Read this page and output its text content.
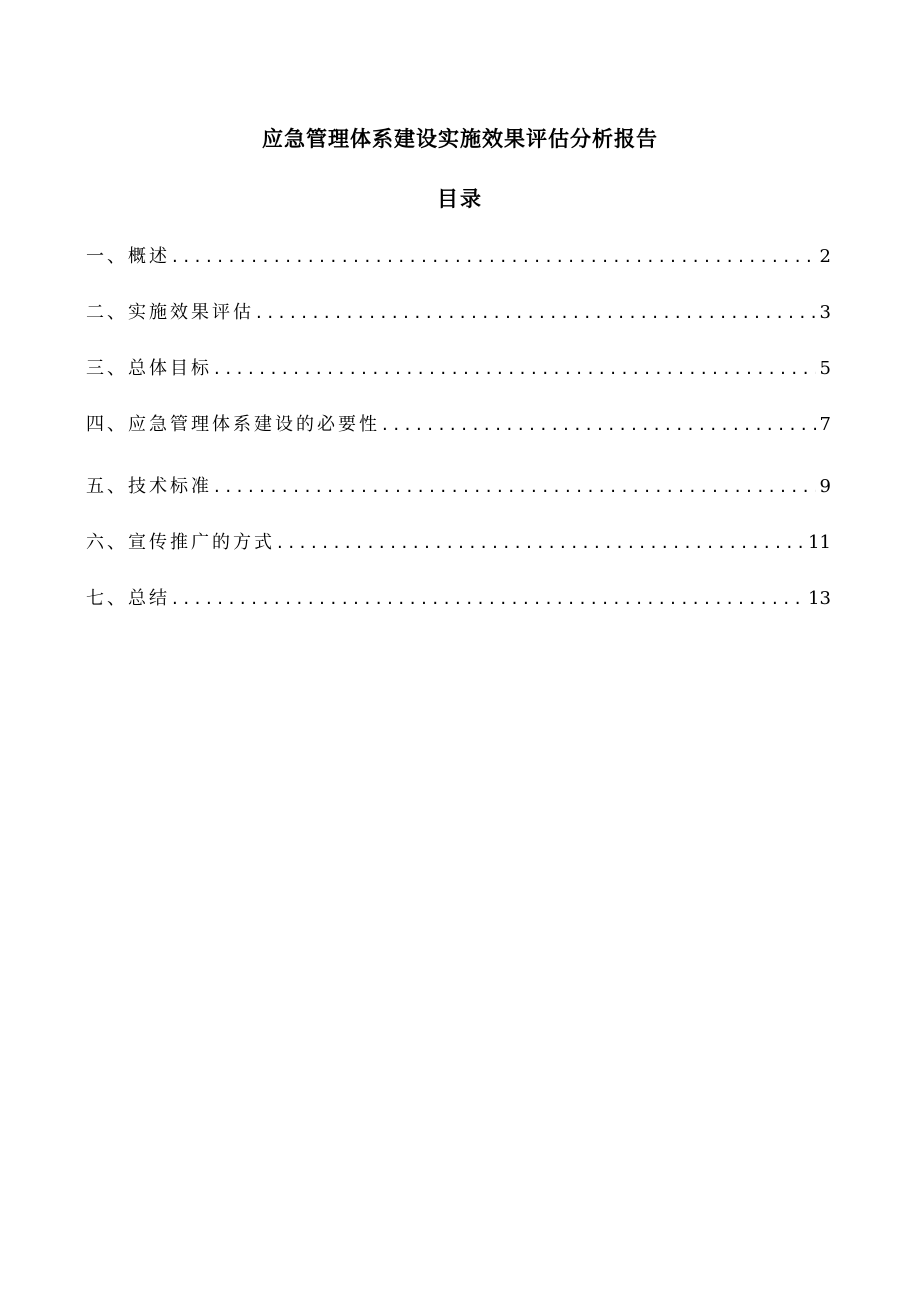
应急管理体系建设实施效果评估分析报告
目录
一、概述 .....	2
二、实施效果评估 .....	3
三、总体目标 .....	5
四、应急管理体系建设的必要性 .....	7
五、技术标准 .....	9
六、宣传推广的方式 .....	11
七、总结 .....	13
